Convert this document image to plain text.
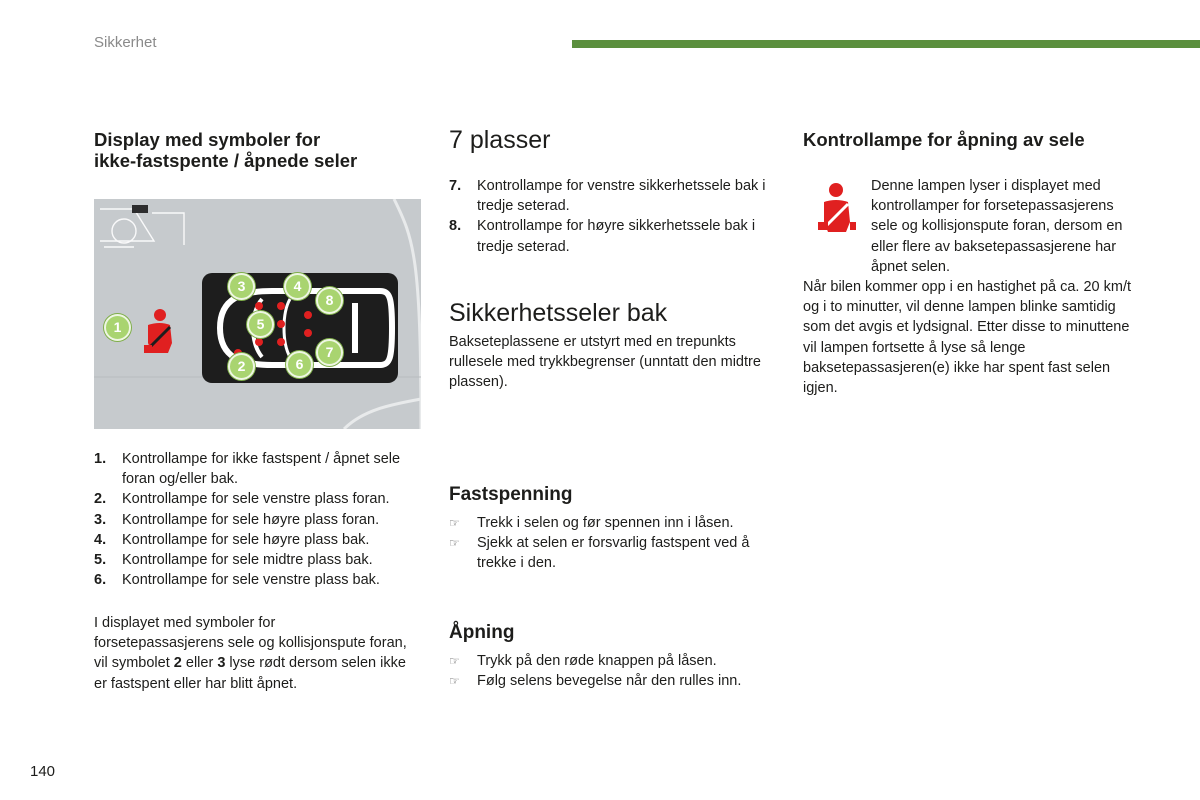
Sikkerhet
Display med symboler for
ikke-fastspente / åpnede seler
1
2
3	4
5
6
7
8
1.	Kontrollampe for ikke fastspent / åpnet sele foran og/eller bak.
2.	Kontrollampe for sele venstre plass foran.
3.	Kontrollampe for sele høyre plass foran.
4.	Kontrollampe for sele høyre plass bak.
5.	Kontrollampe for sele midtre plass bak.
6.	Kontrollampe for sele venstre plass bak.

I displayet med symboler for forsetepassasjerens sele og kollisjonspute foran, vil symbolet 2 eller 3 lyse rødt dersom selen ikke er fastspent eller har blitt åpnet.

7 plasser
7.	Kontrollampe for venstre sikkerhetssele bak i tredje seterad.
8.	Kontrollampe for høyre sikkerhetssele bak i tredje seterad.
Sikkerhetsseler bak

Bakseteplassene er utstyrt med en trepunkts rullesele med trykkbegrenser (unntatt den midtre plassen).

Fastspenning
☞	Trekk i selen og før spennen inn i låsen.
☞	Sjekk at selen er forsvarlig fastspent ved å trekke i den.
Åpning
☞	Trykk på den røde knappen på låsen.
☞	Følg selens bevegelse når den rulles inn.
Kontrollampe for åpning av sele

Denne lampen lyser i displayet med kontrollamper for forsetepassasjerens sele og kollisjonspute foran, dersom en eller flere av baksetepassasjerene har åpnet selen.

Når bilen kommer opp i en hastighet på ca. 20 km/t og i to minutter, vil denne lampen blinke samtidig som det avgis et lydsignal. Etter disse to minuttene vil lampen fortsette å lyse så lenge baksetepassasjeren(e) ikke har spent fast selen igjen.

140
